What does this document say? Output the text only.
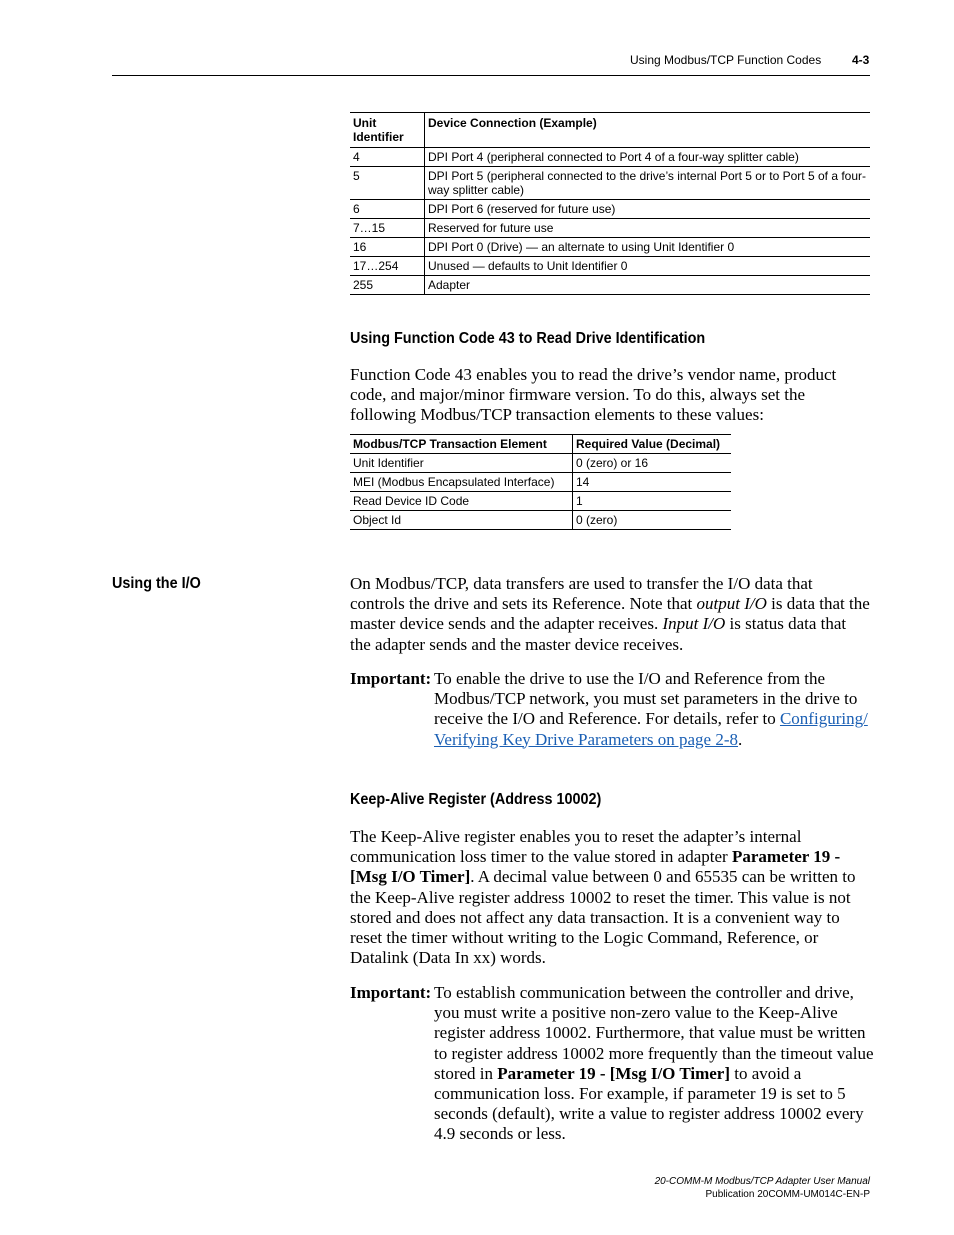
Using Modbus/TCP Function Codes	4-3
Unit
Identifier	Device Connection (Example)
4	DPI Port 4 (peripheral connected to Port 4 of a four-way splitter cable)
5	DPI Port 5 (peripheral connected to the drive’s internal Port 5 or to Port 5 of a four-way splitter cable)
6	DPI Port 6 (reserved for future use)
7…15	Reserved for future use
16	DPI Port 0 (Drive) — an alternate to using Unit Identifier 0
17…254	Unused — defaults to Unit Identifier 0
255	Adapter
Using Function Code 43 to Read Drive Identification

Function Code 43 enables you to read the drive’s vendor name, product code, and major/minor firmware version. To do this, always set the following Modbus/TCP transaction elements to these values:

Modbus/TCP Transaction Element	Required Value (Decimal)
Unit Identifier	0 (zero) or 16
MEI (Modbus Encapsulated Interface)	14
Read Device ID Code	1
Object Id	0 (zero)
Using the I/O	On Modbus/TCP, data transfers are used to transfer the I/O data that controls the drive and sets its Reference. Note that output I/O is data that the master device sends and the adapter receives. Input I/O is status data that the adapter sends and the master device receives.

Important: To enable the drive to use the I/O and Reference from the Modbus/TCP network, you must set parameters in the drive to receive the I/O and Reference. For details, refer to Configuring/ Verifying Key Drive Parameters on page 2-8.
Keep-Alive Register (Address 10002)

The Keep-Alive register enables you to reset the adapter’s internal communication loss timer to the value stored in adapter Parameter 19 - [Msg I/O Timer]. A decimal value between 0 and 65535 can be written to the Keep-Alive register address 10002 to reset the timer. This value is not stored and does not affect any data transaction. It is a convenient way to reset the timer without writing to the Logic Command, Reference, or Datalink (Data In xx) words.

Important: To establish communication between the controller and drive, you must write a positive non-zero value to the Keep-Alive register address 10002. Furthermore, that value must be written to register address 10002 more frequently than the timeout value stored in Parameter 19 - [Msg I/O Timer] to avoid a communication loss. For example, if parameter 19 is set to 5 seconds (default), write a value to register address 10002 every 4.9 seconds or less.
20-COMM-M Modbus/TCP Adapter User Manual
Publication 20COMM-UM014C-EN-P
